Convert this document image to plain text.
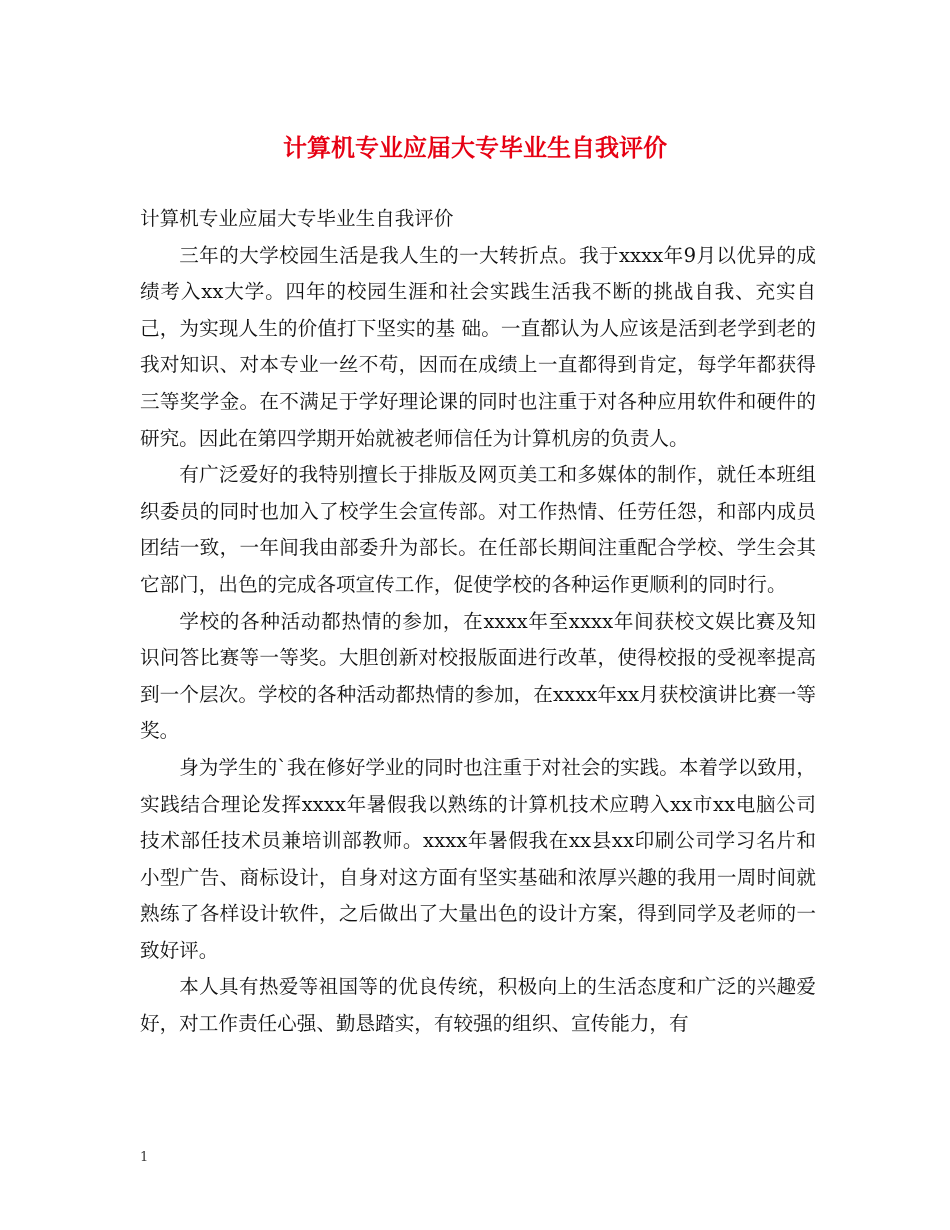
计算机专业应届大专毕业生自我评价

计算机专业应届大专毕业生自我评价

三年的大学校园生活是我人生的一大转折点。我于xxxx年9月以优异的成绩考入xx大学。四年的校园生涯和社会实践生活我不断的挑战自我、充实自己，为实现人生的价值打下坚实的基 础。一直都认为人应该是活到老学到老的我对知识、对本专业一丝不苟，因而在成绩上一直都得到肯定，每学年都获得三等奖学金。在不满足于学好理论课的同时也注重于对各种应用软件和硬件的研究。因此在第四学期开始就被老师信任为计算机房的负责人。

有广泛爱好的我特别擅长于排版及网页美工和多媒体的制作，就任本班组织委员的同时也加入了校学生会宣传部。对工作热情、任劳任怨，和部内成员团结一致，一年间我由部委升为部长。在任部长期间注重配合学校、学生会其它部门，出色的完成各项宣传工作，促使学校的各种运作更顺利的同时行。

学校的各种活动都热情的参加，在xxxx年至xxxx年间获校文娱比赛及知识问答比赛等一等奖。大胆创新对校报版面进行改革，使得校报的受视率提高到一个层次。学校的各种活动都热情的参加，在xxxx年xx月获校演讲比赛一等奖。

身为学生的`我在修好学业的同时也注重于对社会的实践。本着学以致用，实践结合理论发挥xxxx年暑假我以熟练的计算机技术应聘入xx市xx电脑公司技术部任技术员兼培训部教师。xxxx年暑假我在xx县xx印刷公司学习名片和小型广告、商标设计，自身对这方面有坚实基础和浓厚兴趣的我用一周时间就熟练了各样设计软件，之后做出了大量出色的设计方案，得到同学及老师的一致好评。

本人具有热爱等祖国等的优良传统，积极向上的生活态度和广泛的兴趣爱好，对工作责任心强、勤恳踏实，有较强的组织、宣传能力，有

1
